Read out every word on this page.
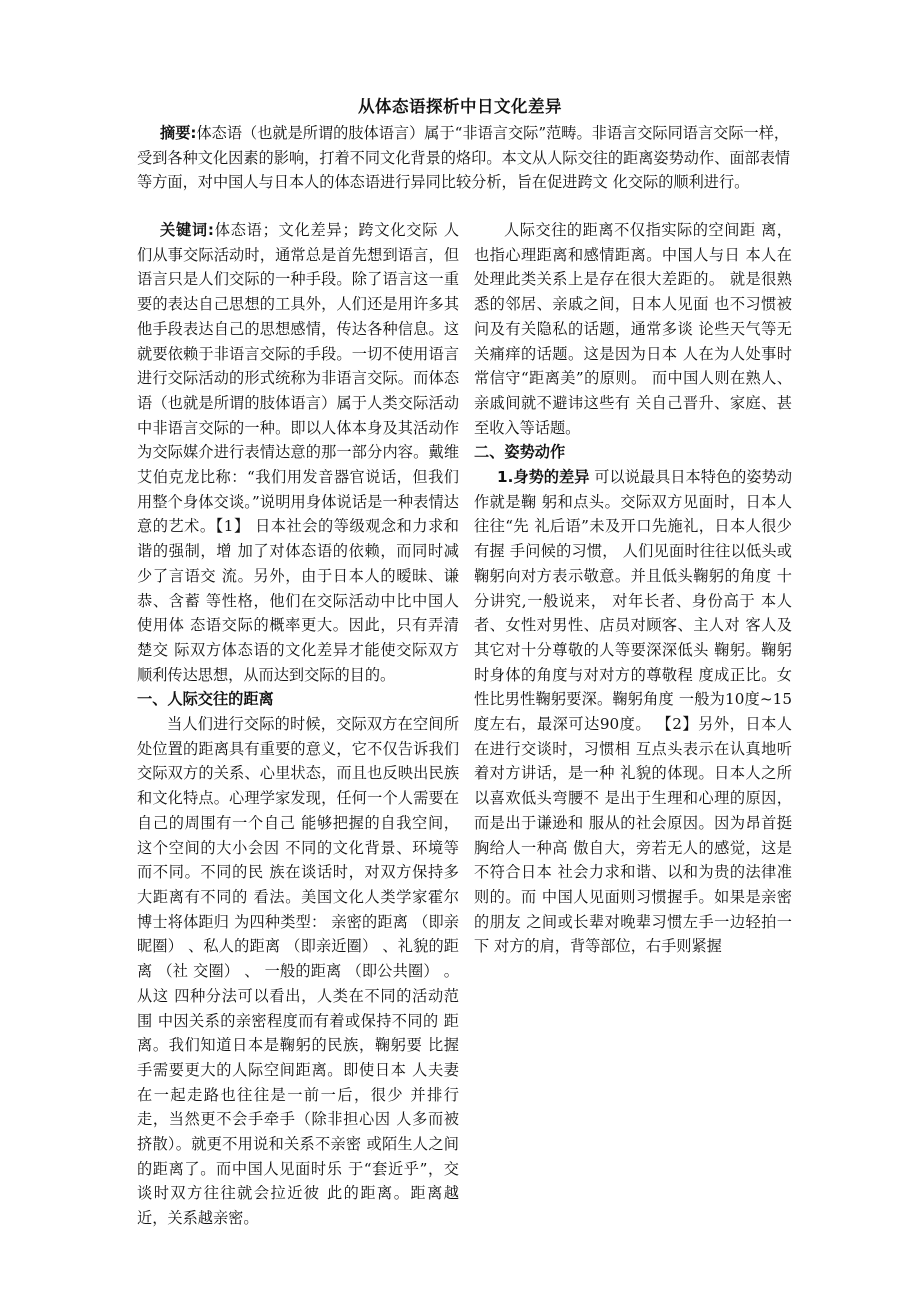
从体态语探析中日文化差异

摘要:体态语（也就是所谓的肢体语言）属于“非语言交际”范畴。非语言交际同语言交际一样，受到各种文化因素的影响，打着不同文化背景的烙印。本文从人际交往的距离姿势动作、面部表情等方面，对中国人与日本人的体态语进行异同比较分析，旨在促进跨文 化交际的顺利进行。

关键词:体态语；文化差异；跨文化交际 人们从事交际活动时，通常总是首先想到语言，但语言只是人们交际的一种手段。除了语言这一重要的表达自己思想的工具外，人们还是用许多其他手段表达自己的思想感情，传达各种信息。这就要依赖于非语言交际的手段。一切不使用语言进行交际活动的形式统称为非语言交际。而体态语（也就是所谓的肢体语言）属于人类交际活动中非语言交际的一种。即以人体本身及其活动作为交际媒介进行表情达意的那一部分内容。戴维艾伯克龙比称：“我们用发音器官说话，但我们用整个身体交谈。”说明用身体说话是一种表情达意的艺术。【1】 日本社会的等级观念和力求和谐的强制，增 加了对体态语的依赖，而同时减少了言语交 流。另外，由于日本人的暧昧、谦恭、含蓄 等性格，他们在交际活动中比中国人使用体 态语交际的概率更大。因此，只有弄清楚交 际双方体态语的文化差异才能使交际双方 顺利传达思想，从而达到交际的目的。

一、人际交往的距离

当人们进行交际的时候，交际双方在空间所处位置的距离具有重要的意义，它不仅告诉我们交际双方的关系、心里状态，而且也反映出民族和文化特点。心理学家发现，任何一个人需要在自己的周围有一个自己 能够把握的自我空间，这个空间的大小会因 不同的文化背景、环境等而不同。不同的民 族在谈话时，对双方保持多大距离有不同的 看法。美国文化人类学家霍尔博士将体距归 为四种类型： 亲密的距离 （即亲昵圈） 、私人的距离 （即亲近圈） 、礼貌的距离 （社 交圈） 、 一般的距离 （即公共圈） 。从这 四种分法可以看出，人类在不同的活动范围 中因关系的亲密程度而有着或保持不同的 距离。我们知道日本是鞠躬的民族，鞠躬要 比握手需要更大的人际空间距离。即使日本 人夫妻在一起走路也往往是一前一后，很少 并排行走，当然更不会手牵手（除非担心因 人多而被挤散）。就更不用说和关系不亲密 或陌生人之间的距离了。而中国人见面时乐 于“套近乎”，交谈时双方往往就会拉近彼 此的距离。距离越近，关系越亲密。

人际交往的距离不仅指实际的空间距 离，也指心理距离和感情距离。中国人与日 本人在处理此类关系上是存在很大差距的。 就是很熟悉的邻居、亲戚之间，日本人见面 也不习惯被问及有关隐私的话题，通常多谈 论些天气等无关痛痒的话题。这是因为日本 人在为人处事时常信守“距离美”的原则。 而中国人则在熟人、亲戚间就不避讳这些有 关自己晋升、家庭、甚至收入等话题。

二、姿势动作

1.身势的差异 可以说最具日本特色的姿势动作就是鞠 躬和点头。交际双方见面时，日本人往往“先 礼后语”未及开口先施礼，日本人很少有握 手问候的习惯， 人们见面时往往以低头或 鞠躬向对方表示敬意。并且低头鞠躬的角度 十分讲究,一般说来， 对年长者、身份高于 本人者、女性对男性、店员对顾客、主人对 客人及其它对十分尊敬的人等要深深低头 鞠躬。鞠躬时身体的角度与对对方的尊敬程 度成正比。女性比男性鞠躬要深。鞠躬角度 一般为10度~15度左右，最深可达90度。 【2】另外，日本人在进行交谈时，习惯相 互点头表示在认真地听着对方讲话，是一种 礼貌的体现。日本人之所以喜欢低头弯腰不 是出于生理和心理的原因，而是出于谦逊和 服从的社会原因。因为昂首挺胸给人一种高 傲自大，旁若无人的感觉，这是不符合日本 社会力求和谐、以和为贵的法律准则的。而 中国人见面则习惯握手。如果是亲密的朋友 之间或长辈对晚辈习惯左手一边轻拍一下 对方的肩，背等部位，右手则紧握
